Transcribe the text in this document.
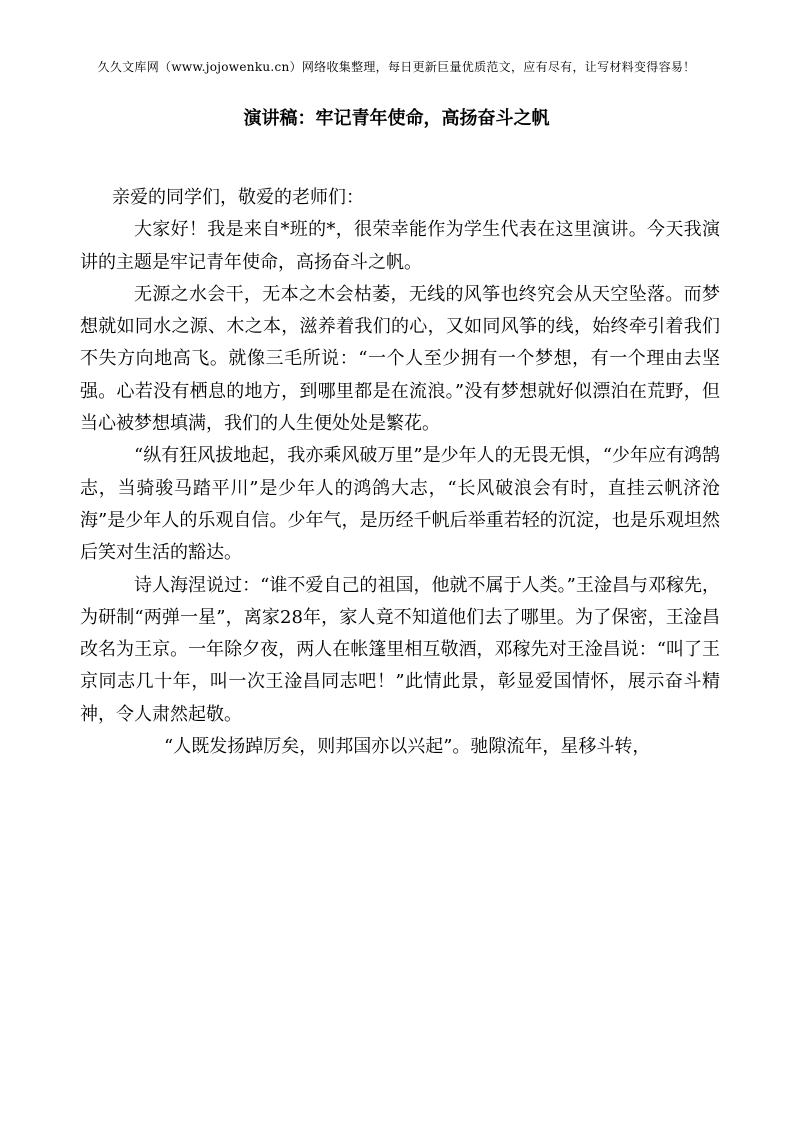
久久文库网（www.jojowenku.cn）网络收集整理，每日更新巨量优质范文，应有尽有，让写材料变得容易！
演讲稿：牢记青年使命，高扬奋斗之帆

亲爱的同学们，敬爱的老师们：

大家好！我是来自*班的*，很荣幸能作为学生代表在这里演讲。今天我演讲的主题是牢记青年使命，高扬奋斗之帆。

无源之水会干，无本之木会枯萎，无线的风筝也终究会从天空坠落。而梦想就如同水之源、木之本，滋养着我们的心，又如同风筝的线，始终牵引着我们不失方向地高飞。就像三毛所说：“一个人至少拥有一个梦想，有一个理由去坚强。心若没有栖息的地方，到哪里都是在流浪。”没有梦想就好似漂泊在荒野，但当心被梦想填满，我们的人生便处处是繁花。

“纵有狂风拔地起，我亦乘风破万里”是少年人的无畏无惧，“少年应有鸿鹄志，当骑骏马踏平川”是少年人的鸿鸽大志，“长风破浪会有时，直挂云帆济沧海”是少年人的乐观自信。少年气，是历经千帆后举重若轻的沉淀，也是乐观坦然后笑对生活的豁达。

诗人海涅说过：“谁不爱自己的祖国，他就不属于人类。”王淦昌与邓稼先，为研制“两弹一星”，离家28年，家人竟不知道他们去了哪里。为了保密，王淦昌改名为王京。一年除夕夜，两人在帐篷里相互敬酒，邓稼先对王淦昌说：“叫了王京同志几十年，叫一次王淦昌同志吧！”此情此景，彰显爱国情怀，展示奋斗精神，令人肃然起敬。

“人既发扬踔厉矣，则邦国亦以兴起”。驰隙流年，星移斗转，
